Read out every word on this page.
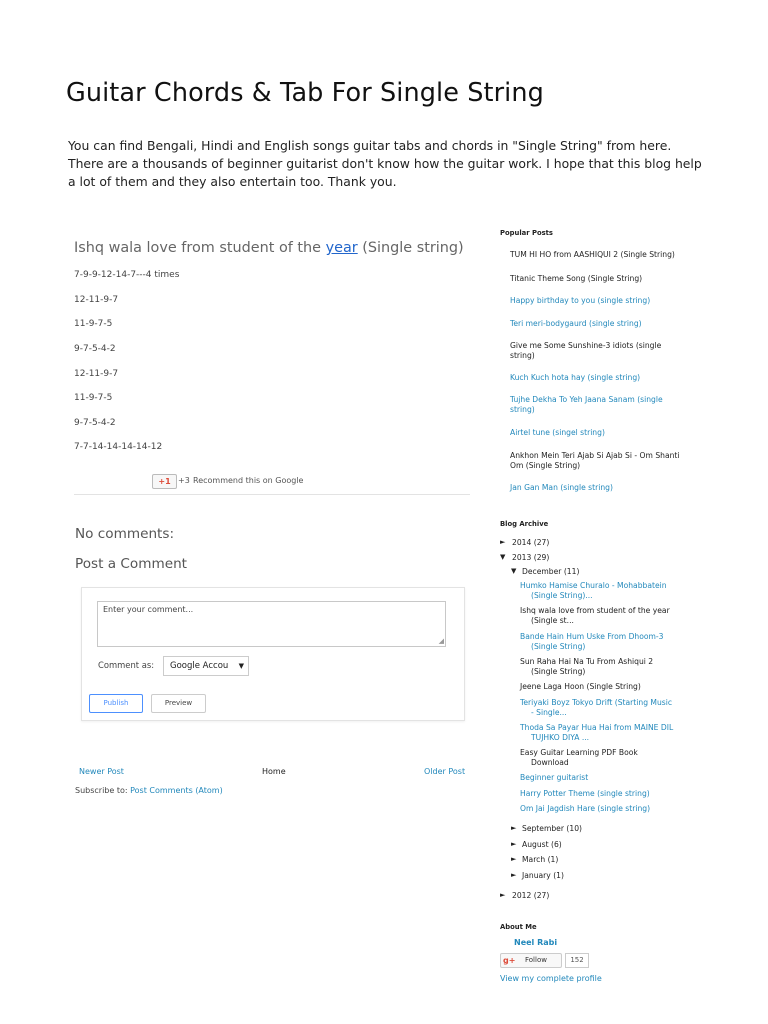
Guitar Chords & Tab For Single String
You can find Bengali, Hindi and English songs guitar tabs and chords in "Single String" from here. There are a thousands of beginner guitarist don't know how the guitar work. I hope that this blog help a lot of them and they also entertain too. Thank you.
Ishq wala love from student of the year (Single string)
7-9-9-12-14-7---4 times
12-11-9-7
11-9-7-5
9-7-5-4-2
12-11-9-7
11-9-7-5
9-7-5-4-2
7-7-14-14-14-14-12
+1 +3 Recommend this on Google
No comments:
Post a Comment
Enter your comment...
◢
Comment as:	Google Accou ▼
Publish	Preview
Newer Post	Home	Older Post
Subscribe to: Post Comments (Atom)
Popular Posts
TUM HI HO from AASHIQUI 2 (Single String)
Titanic Theme Song (Single String)
Happy birthday to you (single string)
Teri meri-bodygaurd (single string)
Give me Some Sunshine-3 idiots (single string)
Kuch Kuch hota hay (single string)
Tujhe Dekha To Yeh Jaana Sanam (single string)
Airtel tune (singel string)
Ankhon Mein Teri Ajab Si Ajab Si - Om Shanti Om (Single String)
Jan Gan Man (single string)
Blog Archive
► 2014 (27)
▼ 2013 (29)
▼ December (11)
Humko Hamise Churalo - Mohabbatein
(Single String)...
Ishq wala love from student of the year
(Single st...
Bande Hain Hum Uske From Dhoom-3
(Single String)
Sun Raha Hai Na Tu From Ashiqui 2
(Single String)
Jeene Laga Hoon (Single String)
Teriyaki Boyz Tokyo Drift (Starting Music
- Single...
Thoda Sa Payar Hua Hai from MAINE DIL
TUJHKO DIYA ...
Easy Guitar Learning PDF Book
Download
Beginner guitarist
Harry Potter Theme (single string)
Om Jai Jagdish Hare (single string)
► September (10)
► August (6)
► March (1)
► January (1)
► 2012 (27)
About Me
Neel Rabi
g+ Follow	152
View my complete profile
